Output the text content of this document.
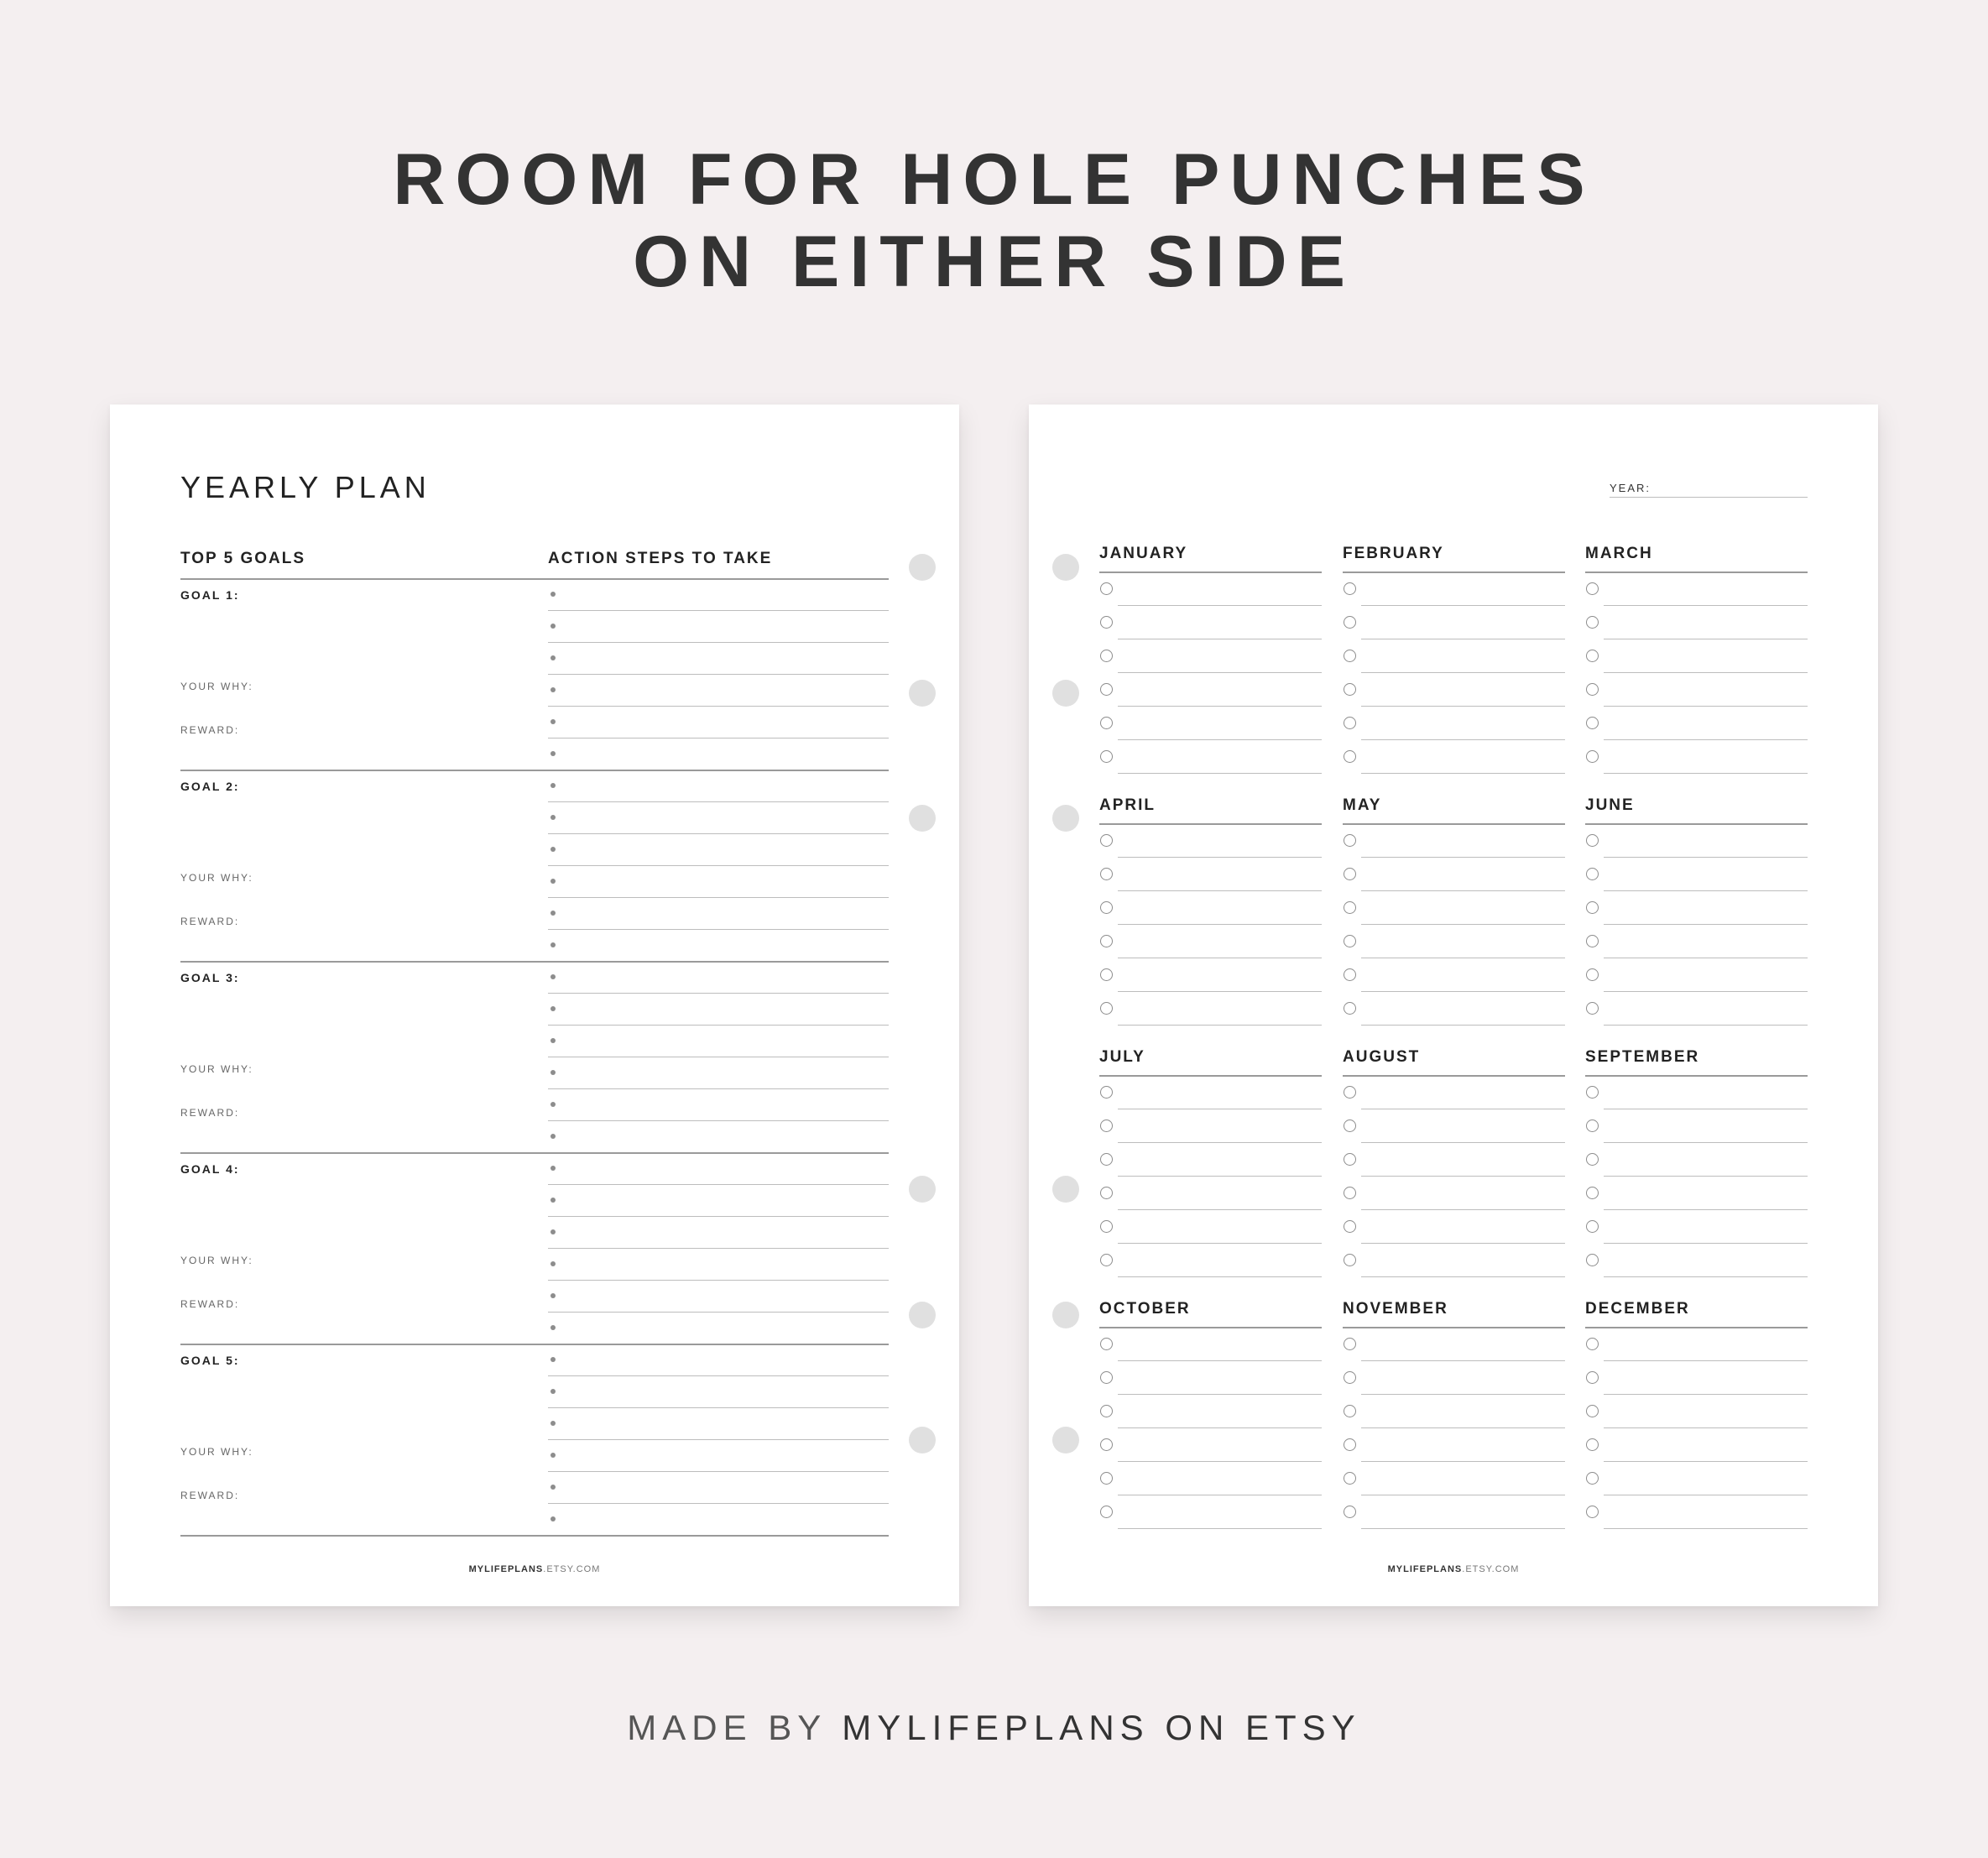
ROOM FOR HOLE PUNCHES
ON EITHER SIDE
YEARLY PLAN
TOP 5 GOALS	ACTION STEPS TO TAKE
GOAL 1:
YOUR WHY:
REWARD:
GOAL 2:
YOUR WHY:
REWARD:
GOAL 3:
YOUR WHY:
REWARD:
GOAL 4:
YOUR WHY:
REWARD:
GOAL 5:
YOUR WHY:
REWARD:
MYLIFEPLANS.ETSY.COM
YEAR:
JANUARY	FEBRUARY	MARCH
APRIL	MAY	JUNE
JULY	AUGUST	SEPTEMBER
OCTOBER	NOVEMBER	DECEMBER
MYLIFEPLANS.ETSY.COM
MADE BY MYLIFEPLANS ON ETSY
